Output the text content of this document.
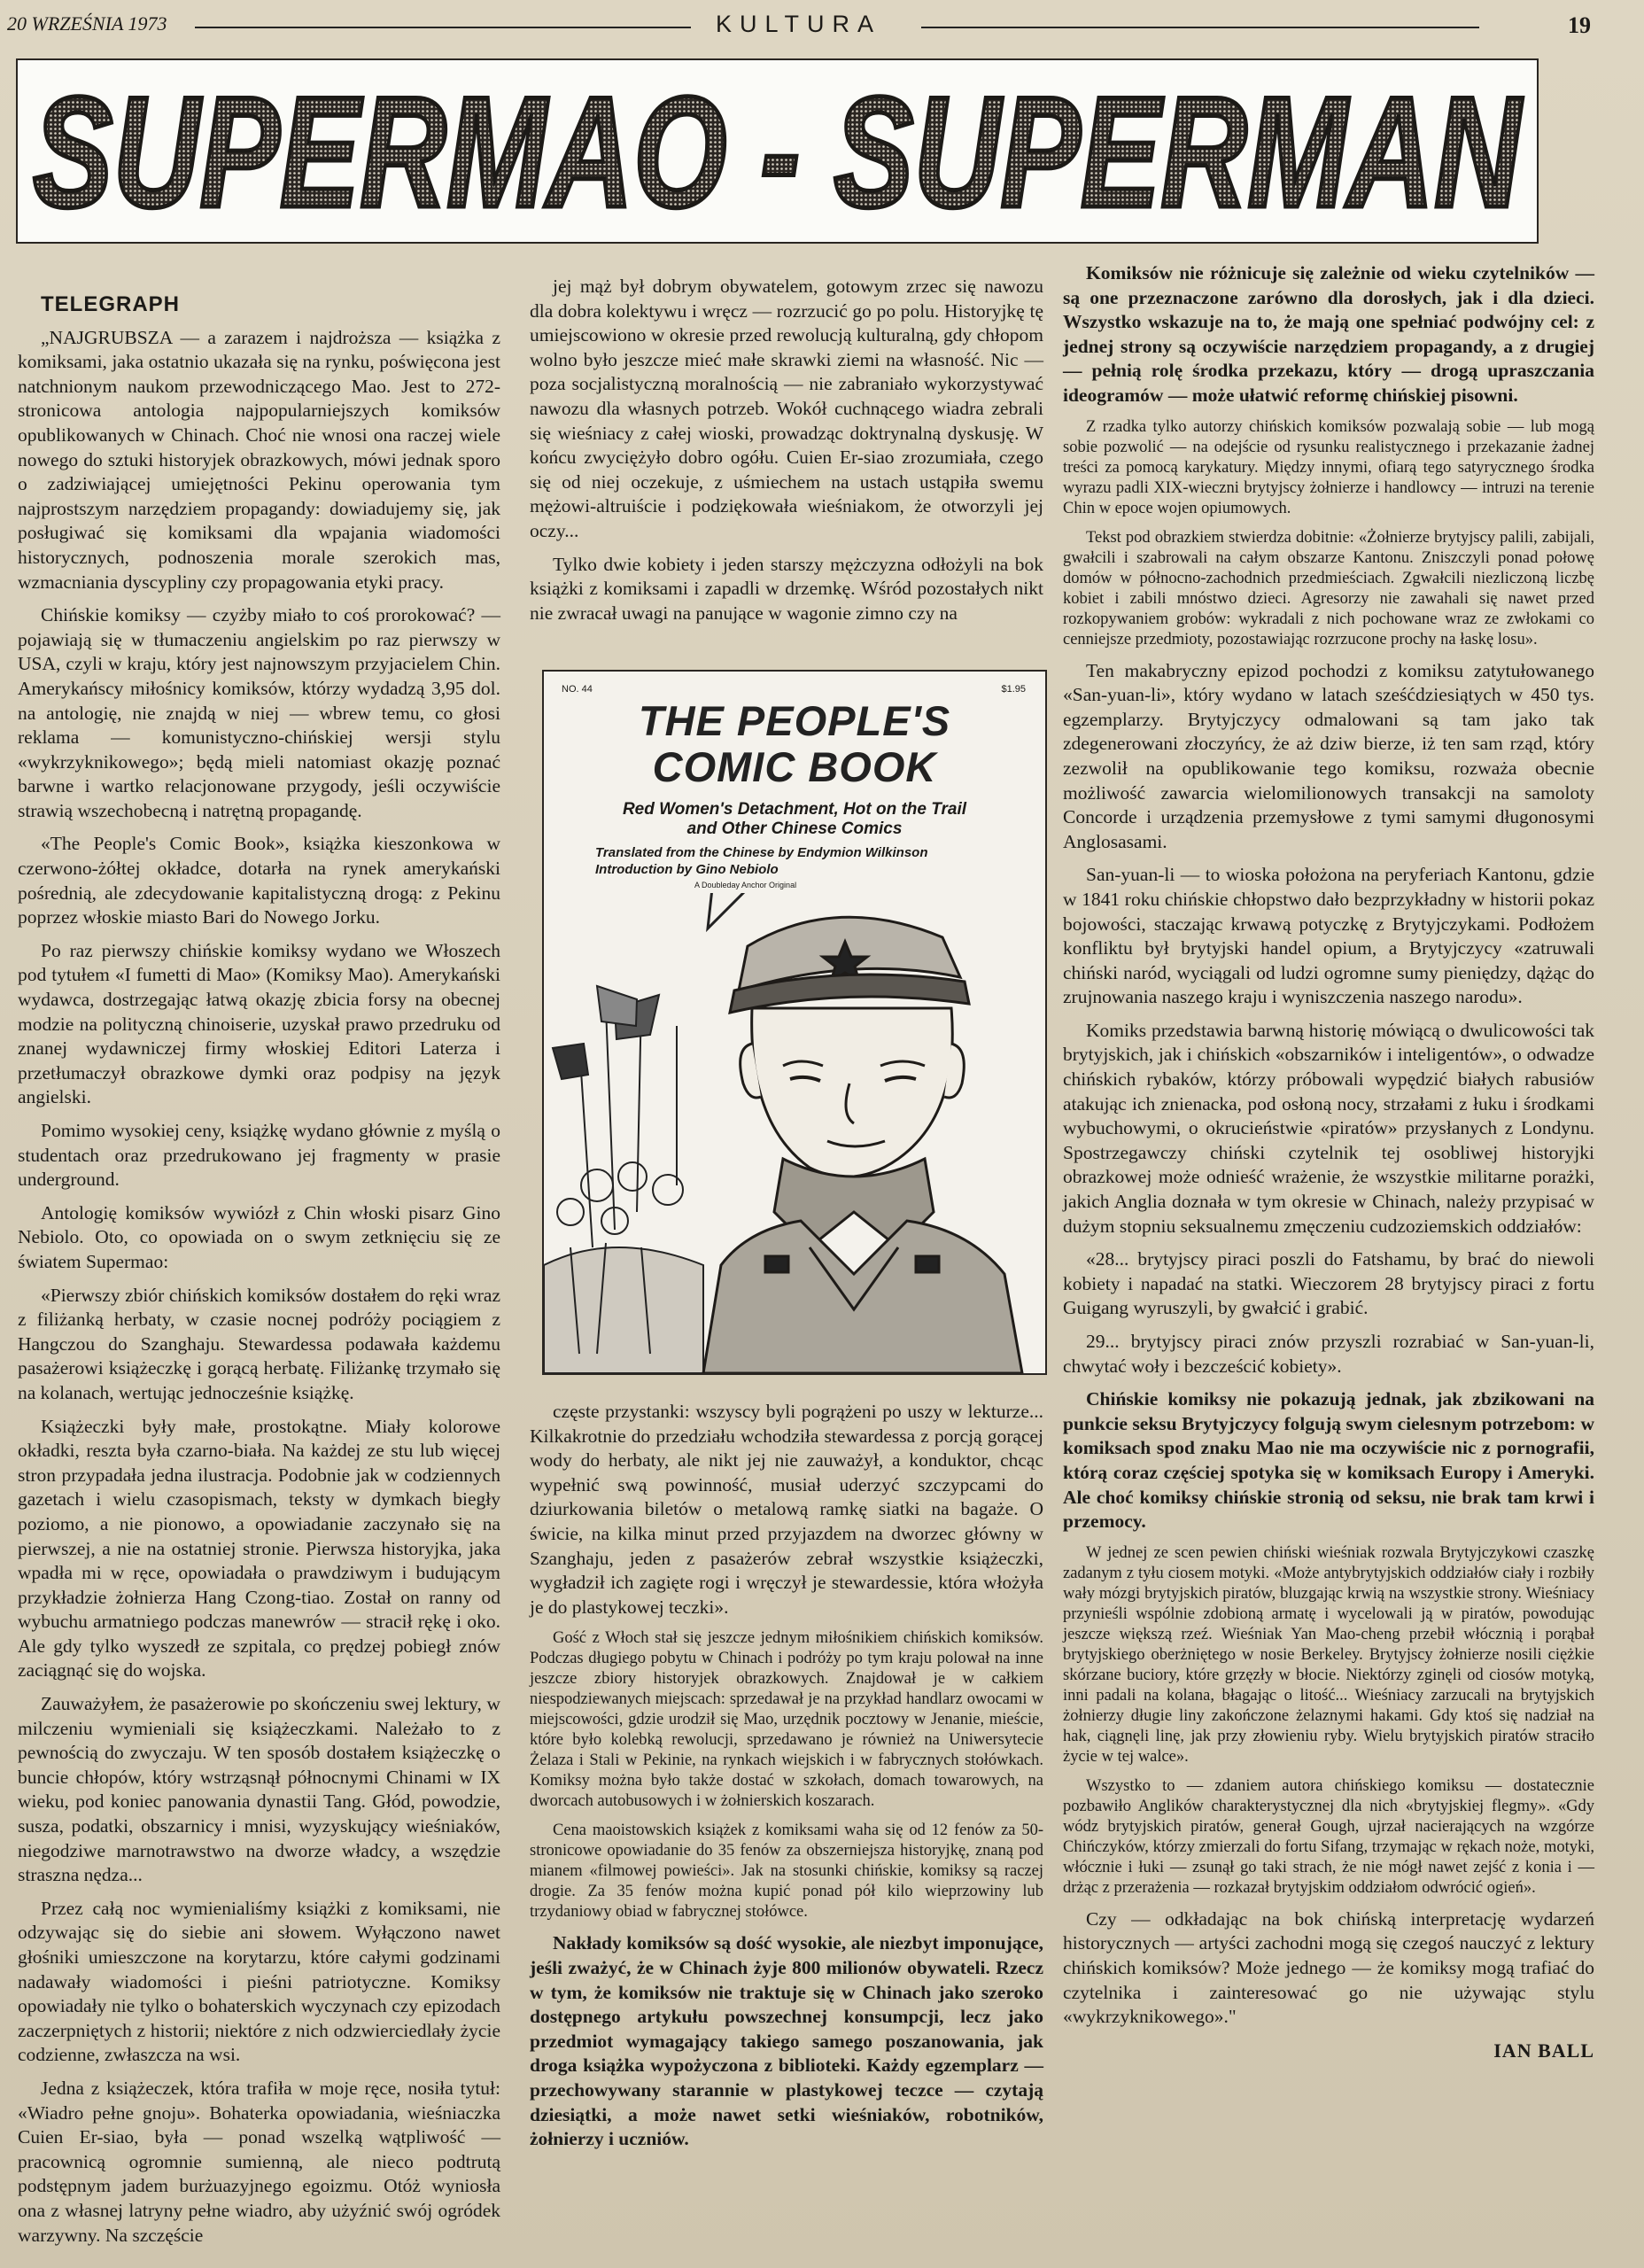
20 WRZEŚNIA 1973	KULTURA	19
SUPERMAO - SUPERMAN

TELEGRAPH

„NAJGRUBSZA — a zarazem i najdroższa — książka z komiksami, jaka ostatnio ukazała się na rynku, poświęcona jest natchnionym naukom przewodniczącego Mao. Jest to 272-stronicowa antologia najpopularniejszych komiksów opublikowanych w Chinach. Choć nie wnosi ona raczej wiele nowego do sztuki historyjek obrazkowych, mówi jednak sporo o zadziwiającej umiejętności Pekinu operowania tym najprostszym narzędziem propagandy: dowiadujemy się, jak posługiwać się komiksami dla wpajania wiadomości historycznych, podnoszenia morale szerokich mas, wzmacniania dyscypliny czy propagowania etyki pracy.

Chińskie komiksy — czyżby miało to coś prorokować? — pojawiają się w tłumaczeniu angielskim po raz pierwszy w USA, czyli w kraju, który jest najnowszym przyjacielem Chin. Amerykańscy miłośnicy komiksów, którzy wydadzą 3,95 dol. na antologię, nie znajdą w niej — wbrew temu, co głosi reklama — komunistyczno-chińskiej wersji stylu «wykrzyknikowego»; będą mieli natomiast okazję poznać barwne i wartko relacjonowane przygody, jeśli oczywiście strawią wszechobecną i natrętną propagandę.

«The People's Comic Book», książka kieszonkowa w czerwono-żółtej okładce, dotarła na rynek amerykański pośrednią, ale zdecydowanie kapitalistyczną drogą: z Pekinu poprzez włoskie miasto Bari do Nowego Jorku.

Po raz pierwszy chińskie komiksy wydano we Włoszech pod tytułem «I fumetti di Mao» (Komiksy Mao). Amerykański wydawca, dostrzegając łatwą okazję zbicia forsy na obecnej modzie na polityczną chinoiserie, uzyskał prawo przedruku od znanej wydawniczej firmy włoskiej Editori Laterza i przetłumaczył obrazkowe dymki oraz podpisy na język angielski.

Pomimo wysokiej ceny, książkę wydano głównie z myślą o studentach oraz przedrukowano jej fragmenty w prasie underground.

Antologię komiksów wywiózł z Chin włoski pisarz Gino Nebiolo. Oto, co opowiada on o swym zetknięciu się ze światem Supermao:

«Pierwszy zbiór chińskich komiksów dostałem do ręki wraz z filiżanką herbaty, w czasie nocnej podróży pociągiem z Hangczou do Szanghaju. Stewardessa podawała każdemu pasażerowi książeczkę i gorącą herbatę. Filiżankę trzymało się na kolanach, wertując jednocześnie książkę.

Książeczki były małe, prostokątne. Miały kolorowe okładki, reszta była czarno-biała. Na każdej ze stu lub więcej stron przypadała jedna ilustracja. Podobnie jak w codziennych gazetach i wielu czasopismach, teksty w dymkach biegły poziomo, a nie pionowo, a opowiadanie zaczynało się na pierwszej, a nie na ostatniej stronie. Pierwsza historyjka, jaka wpadła mi w ręce, opowiadała o prawdziwym i budującym przykładzie żołnierza Hang Czong-tiao. Został on ranny od wybuchu armatniego podczas manewrów — stracił rękę i oko. Ale gdy tylko wyszedł ze szpitala, co prędzej pobiegł znów zaciągnąć się do wojska.

Zauważyłem, że pasażerowie po skończeniu swej lektury, w milczeniu wymieniali się książeczkami. Należało to z pewnością do zwyczaju. W ten sposób dostałem książeczkę o buncie chłopów, który wstrząsnął północnymi Chinami w IX wieku, pod koniec panowania dynastii Tang. Głód, powodzie, susza, podatki, obszarnicy i mnisi, wyzyskujący wieśniaków, niegodziwe marnotrawstwo na dworze władcy, a wszędzie straszna nędza...

Przez całą noc wymienialiśmy książki z komiksami, nie odzywając się do siebie ani słowem. Wyłączono nawet głośniki umieszczone na korytarzu, które całymi godzinami nadawały wiadomości i pieśni patriotyczne. Komiksy opowiadały nie tylko o bohaterskich wyczynach czy epizodach zaczerpniętych z historii; niektóre z nich odzwierciedlały życie codzienne, zwłaszcza na wsi.

Jedna z książeczek, która trafiła w moje ręce, nosiła tytuł: «Wiadro pełne gnoju». Bohaterka opowiadania, wieśniaczka Cuien Er-siao, była — ponad wszelką wątpliwość — pracownicą ogromnie sumienną, ale nieco podtrutą podstępnym jadem burżuazyjnego egoizmu. Otóż wyniosła ona z własnej latryny pełne wiadro, aby użyźnić swój ogródek warzywny. Na szczęście

jej mąż był dobrym obywatelem, gotowym zrzec się nawozu dla dobra kolektywu i wręcz — rozrzucić go po polu. Historyjkę tę umiejscowiono w okresie przed rewolucją kulturalną, gdy chłopom wolno było jeszcze mieć małe skrawki ziemi na własność. Nic — poza socjalistyczną moralnością — nie zabraniało wykorzystywać nawozu dla własnych potrzeb. Wokół cuchnącego wiadra zebrali się wieśniacy z całej wioski, prowadząc doktrynalną dyskusję. W końcu zwyciężyło dobro ogółu. Cuien Er-siao zrozumiała, czego się od niej oczekuje, z uśmiechem na ustach ustąpiła swemu mężowi-altruiście i podziękowała wieśniakom, że otworzyli jej oczy...

Tylko dwie kobiety i jeden starszy mężczyzna odłożyli na bok książki z komiksami i zapadli w drzemkę. Wśród pozostałych nikt nie zwracał uwagi na panujące w wagonie zimno czy na

NO. 44	$1.95
THE PEOPLE'S
COMIC BOOK
Red Women's Detachment, Hot on the Trail
and Other Chinese Comics
Translated from the Chinese by Endymion Wilkinson
Introduction by Gino Nebiolo
A Doubleday Anchor Original

częste przystanki: wszyscy byli pogrążeni po uszy w lekturze... Kilkakrotnie do przedziału wchodziła stewardessa z porcją gorącej wody do herbaty, ale nikt jej nie zauważył, a konduktor, chcąc wypełnić swą powinność, musiał uderzyć szczypcami do dziurkowania biletów o metalową ramkę siatki na bagaże. O świcie, na kilka minut przed przyjazdem na dworzec główny w Szanghaju, jeden z pasażerów zebrał wszystkie książeczki, wygładził ich zagięte rogi i wręczył je stewardessie, która włożyła je do plastykowej teczki».

Gość z Włoch stał się jeszcze jednym miłośnikiem chińskich komiksów. Podczas długiego pobytu w Chinach i podróży po tym kraju polował na inne jeszcze zbiory historyjek obrazkowych. Znajdował je w całkiem niespodziewanych miejscach: sprzedawał je na przykład handlarz owocami w miejscowości, gdzie urodził się Mao, urzędnik pocztowy w Jenanie, mieście, które było kolebką rewolucji, sprzedawano je również na Uniwersytecie Żelaza i Stali w Pekinie, na rynkach wiejskich i w fabrycznych stołówkach. Komiksy można było także dostać w szkołach, domach towarowych, na dworcach autobusowych i w żołnierskich koszarach.

Cena maoistowskich książek z komiksami waha się od 12 fenów za 50-stronicowe opowiadanie do 35 fenów za obszerniejsza historyjkę, znaną pod mianem «filmowej powieści». Jak na stosunki chińskie, komiksy są raczej drogie. Za 35 fenów można kupić ponad pół kilo wieprzowiny lub trzydaniowy obiad w fabrycznej stołówce.

Nakłady komiksów są dość wysokie, ale niezbyt imponujące, jeśli zważyć, że w Chinach żyje 800 milionów obywateli. Rzecz w tym, że komiksów nie traktuje się w Chinach jako szeroko dostępnego artykułu powszechnej konsumpcji, lecz jako przedmiot wymagający takiego samego poszanowania, jak droga książka wypożyczona z biblioteki. Każdy egzemplarz — przechowywany starannie w plastykowej teczce — czytają dziesiątki, a może nawet setki wieśniaków, robotników, żołnierzy i uczniów.

Komiksów nie różnicuje się zależnie od wieku czytelników — są one przeznaczone zarówno dla dorosłych, jak i dla dzieci. Wszystko wskazuje na to, że mają one spełniać podwójny cel: z jednej strony są oczywiście narzędziem propagandy, a z drugiej — pełnią rolę środka przekazu, który — drogą upraszczania ideogramów — może ułatwić reformę chińskiej pisowni.

Z rzadka tylko autorzy chińskich komiksów pozwalają sobie — lub mogą sobie pozwolić — na odejście od rysunku realistycznego i przekazanie żadnej treści za pomocą karykatury. Między innymi, ofiarą tego satyrycznego środka wyrazu padli XIX-wieczni brytyjscy żołnierze i handlowcy — intruzi na terenie Chin w epoce wojen opiumowych.

Tekst pod obrazkiem stwierdza dobitnie: «Żołnierze brytyjscy palili, zabijali, gwałcili i szabrowali na całym obszarze Kantonu. Zniszczyli ponad połowę domów w północno-zachodnich przedmieściach. Zgwałcili niezliczoną liczbę kobiet i zabili mnóstwo dzieci. Agresorzy nie zawahali się nawet przed rozkopywaniem grobów: wykradali z nich pochowane wraz ze zwłokami co cenniejsze przedmioty, pozostawiając rozrzucone prochy na łaskę losu».

Ten makabryczny epizod pochodzi z komiksu zatytułowanego «San-yuan-li», który wydano w latach sześćdziesiątych w 450 tys. egzemplarzy. Brytyjczycy odmalowani są tam jako tak zdegenerowani złoczyńcy, że aż dziw bierze, iż ten sam rząd, który zezwolił na opublikowanie tego komiksu, rozważa obecnie możliwość zawarcia wielomilionowych transakcji na samoloty Concorde i urządzenia przemysłowe z tymi samymi długonosymi Anglosasami.

San-yuan-li — to wioska położona na peryferiach Kantonu, gdzie w 1841 roku chińskie chłopstwo dało bezprzykładny w historii pokaz bojowości, staczając krwawą potyczkę z Brytyjczykami. Podłożem konfliktu był brytyjski handel opium, a Brytyjczycy «zatruwali chiński naród, wyciągali od ludzi ogromne sumy pieniędzy, dążąc do zrujnowania naszego kraju i wyniszczenia naszego narodu».

Komiks przedstawia barwną historię mówiącą o dwulicowości tak brytyjskich, jak i chińskich «obszarników i inteligentów», o odwadze chińskich rybaków, którzy próbowali wypędzić białych rabusiów atakując ich znienacka, pod osłoną nocy, strzałami z łuku i środkami wybuchowymi, o okrucieństwie «piratów» przysłanych z Londynu. Spostrzegawczy chiński czytelnik tej osobliwej historyjki obrazkowej może odnieść wrażenie, że wszystkie militarne porażki, jakich Anglia doznała w tym okresie w Chinach, należy przypisać w dużym stopniu seksualnemu zmęczeniu cudzoziemskich oddziałów:

«28... brytyjscy piraci poszli do Fatshamu, by brać do niewoli kobiety i napadać na statki. Wieczorem 28 brytyjscy piraci z fortu Guigang wyruszyli, by gwałcić i grabić.

29... brytyjscy piraci znów przyszli rozrabiać w San-yuan-li, chwytać woły i bezcześcić kobiety».

Chińskie komiksy nie pokazują jednak, jak zbzikowani na punkcie seksu Brytyjczycy folgują swym cielesnym potrzebom: w komiksach spod znaku Mao nie ma oczywiście nic z pornografii, którą coraz częściej spotyka się w komiksach Europy i Ameryki. Ale choć komiksy chińskie stronią od seksu, nie brak tam krwi i przemocy.

W jednej ze scen pewien chiński wieśniak rozwala Brytyjczykowi czaszkę zadanym z tyłu ciosem motyki. «Może antybrytyjskich oddziałów ciały i rozbiły wały mózgi brytyjskich piratów, bluzgając krwią na wszystkie strony. Wieśniacy przynieśli wspólnie zdobioną armatę i wycelowali ją w piratów, powodując jeszcze większą rzeź. Wieśniak Yan Mao-cheng przebił włócznią i porąbał brytyjskiego oberżniętego w nosie Berkeley. Brytyjscy żołnierze nosili ciężkie skórzane buciory, które grzęzły w błocie. Niektórzy zginęli od ciosów motyką, inni padali na kolana, błagając o litość... Wieśniacy zarzucali na brytyjskich żołnierzy długie liny zakończone żelaznymi hakami. Gdy ktoś się nadział na hak, ciągnęli linę, jak przy złowieniu ryby. Wielu brytyjskich piratów straciło życie w tej walce».

Wszystko to — zdaniem autora chińskiego komiksu — dostatecznie pozbawiło Anglików charakterystycznej dla nich «brytyjskiej flegmy». «Gdy wódz brytyjskich piratów, generał Gough, ujrzał nacierających na wzgórze Chińczyków, którzy zmierzali do fortu Sifang, trzymając w rękach noże, motyki, włócznie i łuki — zsunął go taki strach, że nie mógł nawet zejść z konia i — drżąc z przerażenia — rozkazał brytyjskim oddziałom odwrócić ogień».

Czy — odkładając na bok chińską interpretację wydarzeń historycznych — artyści zachodni mogą się czegoś nauczyć z lektury chińskich komiksów? Może jednego — że komiksy mogą trafiać do czytelnika i zainteresować go nie używając stylu «wykrzyknikowego»."

IAN BALL
